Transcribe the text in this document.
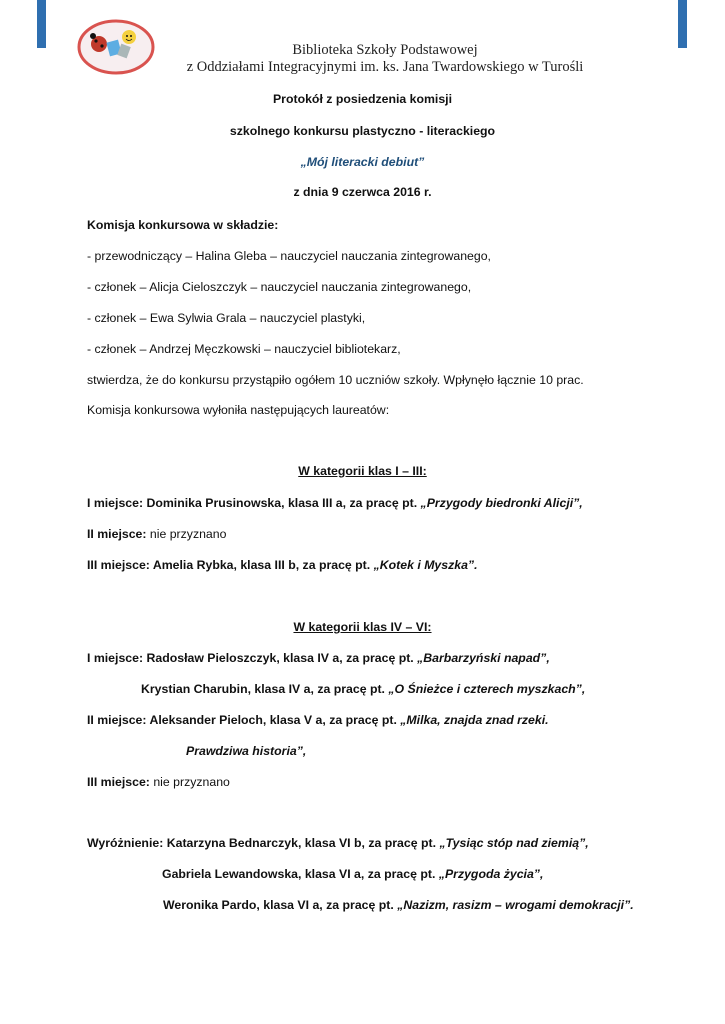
Biblioteka Szkoły Podstawowej
z Oddziałami Integracyjnymi im. ks. Jana Twardowskiego w Turośli
Protokół z posiedzenia komisji
szkolnego konkursu plastyczno - literackiego
„Mój literacki debiut”
z dnia 9 czerwca 2016 r.
Komisja konkursowa w składzie:
- przewodniczący – Halina Gleba – nauczyciel nauczania zintegrowanego,
- członek – Alicja Cieloszczyk – nauczyciel nauczania zintegrowanego,
- członek – Ewa Sylwia Grala – nauczyciel plastyki,
- członek – Andrzej Męczkowski – nauczyciel bibliotekarz,
stwierdza, że do konkursu przystąpiło ogółem 10 uczniów szkoły. Wpłynęło łącznie 10 prac.
Komisja konkursowa wyłoniła następujących laureatów:
W kategorii klas I – III:
I miejsce: Dominika Prusinowska, klasa III a, za pracę pt. „Przygody biedronki Alicji”,
II miejsce: nie przyznano
III miejsce: Amelia Rybka, klasa III b, za pracę pt. „Kotek i Myszka”.
W kategorii klas IV – VI:
I miejsce: Radosław Pieloszczyk, klasa IV a, za pracę pt. „Barbarzyński napad”,
Krystian Charubin, klasa IV a, za pracę pt. „O Śnieżce i czterech myszkach”,
II miejsce: Aleksander Pieloch, klasa V a, za pracę pt. „Milka, znajda znad rzeki.
Prawdziwa historia”,
III miejsce: nie przyznano
Wyróżnienie: Katarzyna Bednarczyk, klasa VI b, za pracę pt. „Tysiąc stóp nad ziemią”,
Gabriela Lewandowska, klasa VI a, za pracę pt. „Przygoda życia”,
Weronika Pardo, klasa VI a, za pracę pt. „Nazizm, rasizm – wrogami demokracji”.
